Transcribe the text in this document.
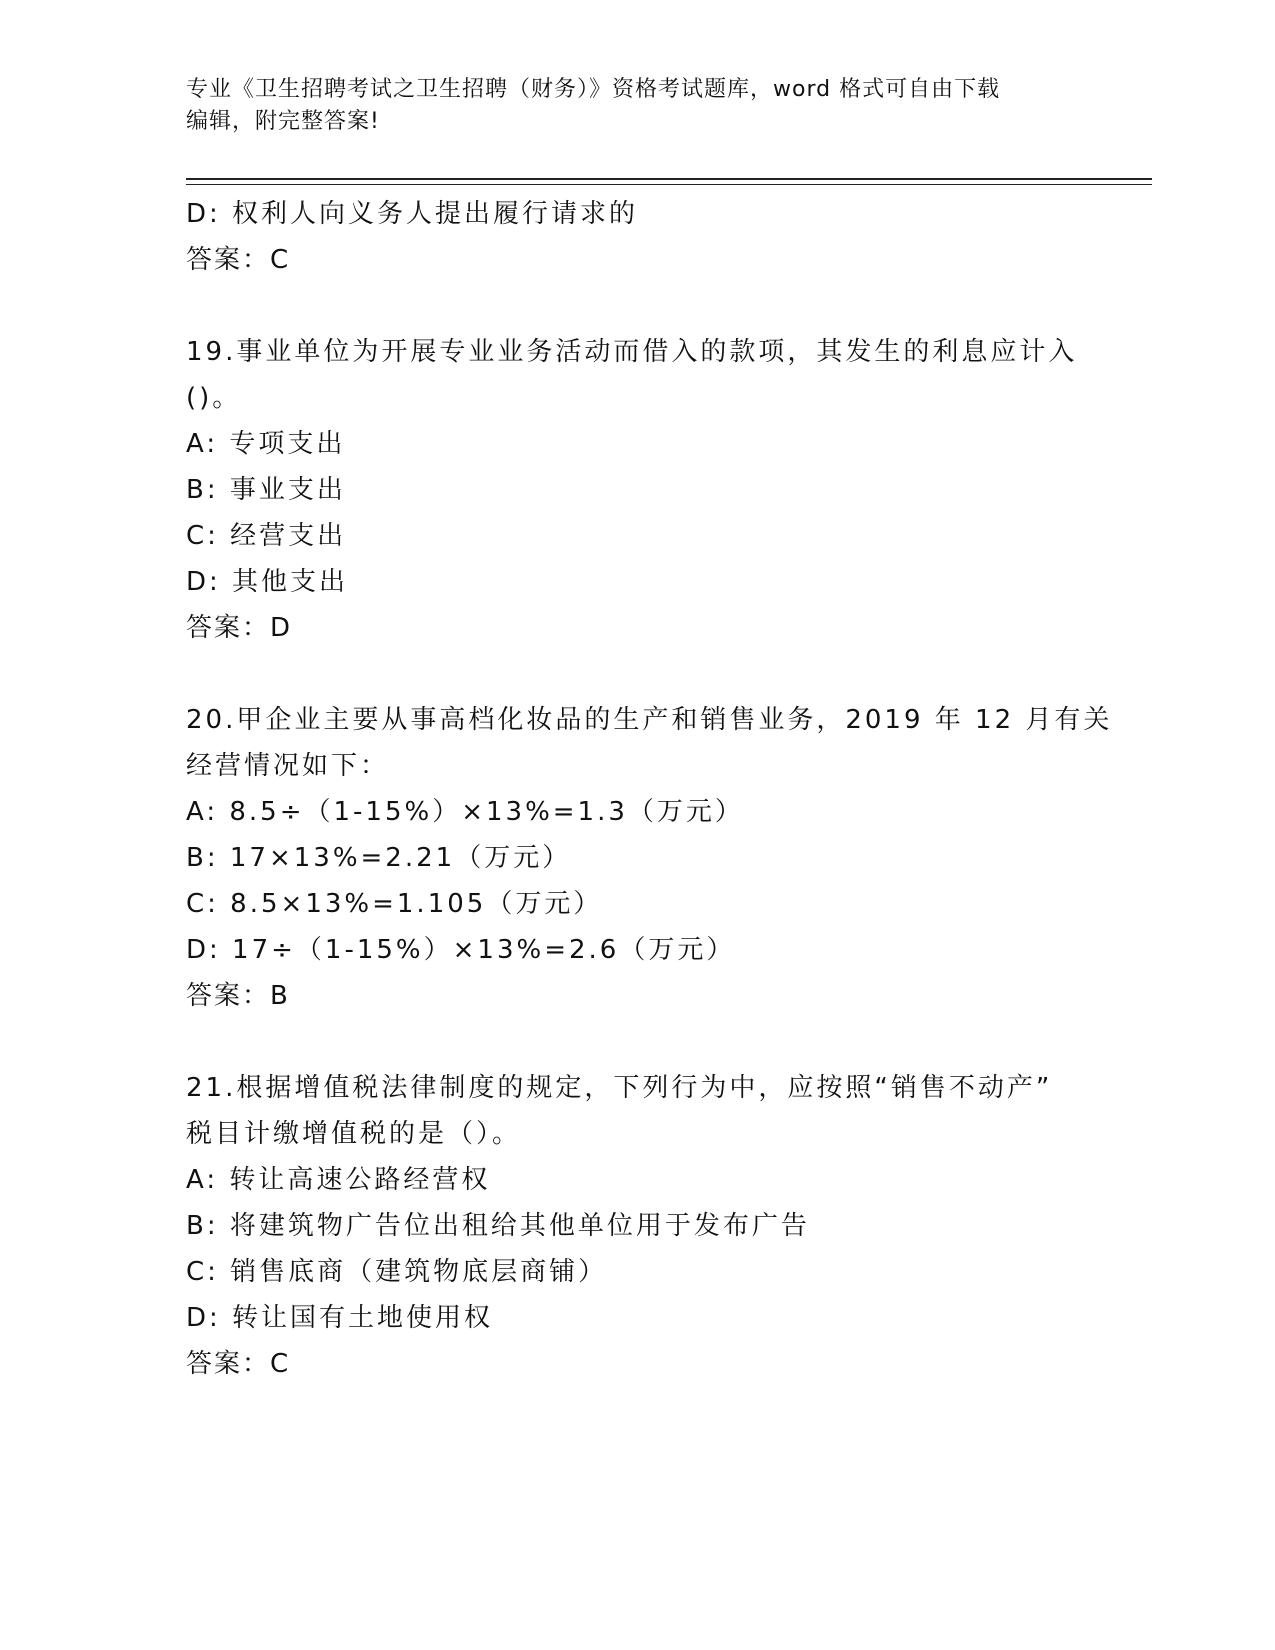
专业《卫生招聘考试之卫生招聘（财务）》资格考试题库，word 格式可自由下载
编辑，附完整答案!
D: 权利人向义务人提出履行请求的
答案：C
19.事业单位为开展专业业务活动而借入的款项，其发生的利息应计入
()。
A: 专项支出
B: 事业支出
C: 经营支出
D: 其他支出
答案：D
20.甲企业主要从事高档化妆品的生产和销售业务，2019 年 12 月有关
经营情况如下：
A: 8.5÷（1-15%）×13%=1.3（万元）
B: 17×13%=2.21（万元）
C: 8.5×13%=1.105（万元）
D: 17÷（1-15%）×13%=2.6（万元）
答案：B
21.根据增值税法律制度的规定，下列行为中，应按照“销售不动产”
税目计缴增值税的是（）。
A: 转让高速公路经营权
B: 将建筑物广告位出租给其他单位用于发布广告
C: 销售底商（建筑物底层商铺）
D: 转让国有土地使用权
答案：C
